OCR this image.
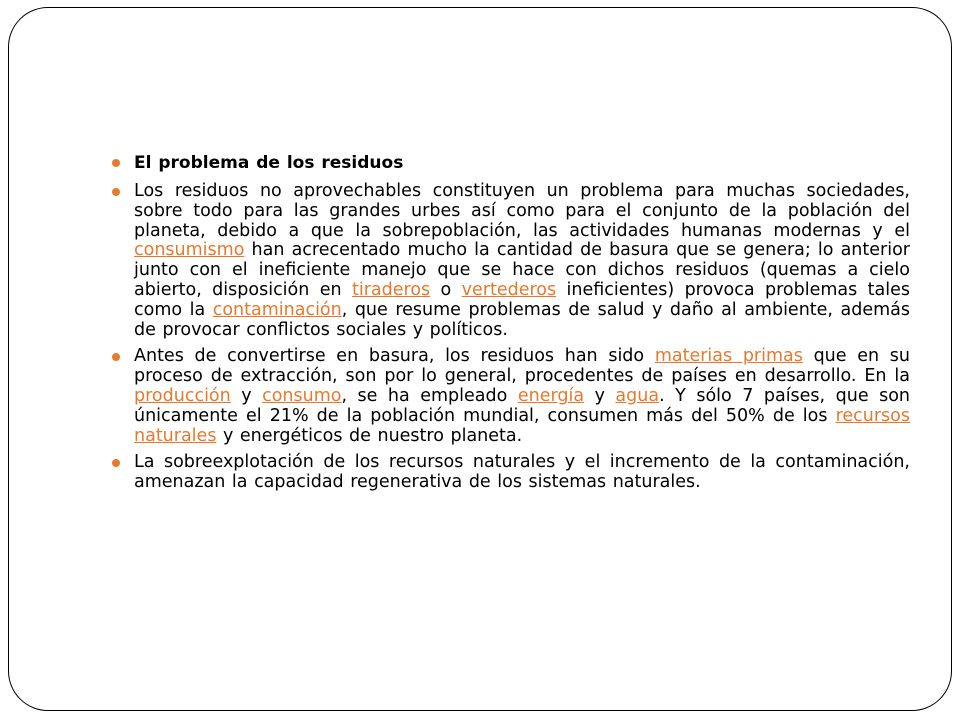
El problema de los residuos
Los residuos no aprovechables constituyen un problema para muchas sociedades, sobre todo para las grandes urbes así como para el conjunto de la población del planeta, debido a que la sobrepoblación, las actividades humanas modernas y el consumismo han acrecentado mucho la cantidad de basura que se genera; lo anterior junto con el ineficiente manejo que se hace con dichos residuos (quemas a cielo abierto, disposición en tiraderos o vertederos ineficientes) provoca problemas tales como la contaminación, que resume problemas de salud y daño al ambiente, además de provocar conflictos sociales y políticos.
Antes de convertirse en basura, los residuos han sido materias primas que en su proceso de extracción, son por lo general, procedentes de países en desarrollo. En la producción y consumo, se ha empleado energía y agua. Y sólo 7 países, que son únicamente el 21% de la población mundial, consumen más del 50% de los recursos naturales y energéticos de nuestro planeta.
La sobreexplotación de los recursos naturales y el incremento de la contaminación, amenazan la capacidad regenerativa de los sistemas naturales.
